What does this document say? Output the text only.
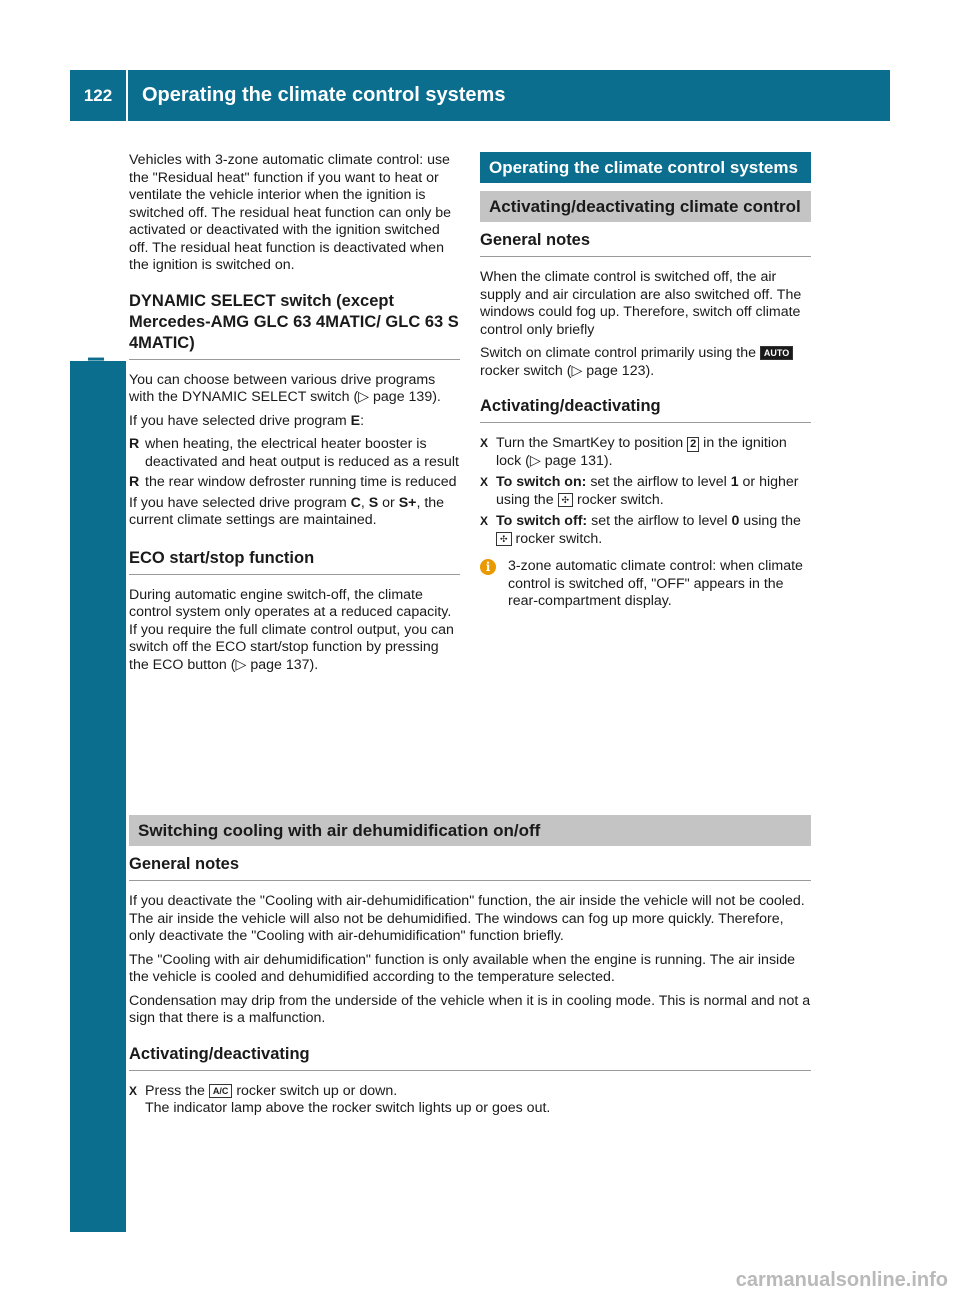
122	Operating the climate control systems
Climate control

Vehicles with 3-zone automatic climate control: use the "Residual heat" function if you want to heat or ventilate the vehicle interior when the ignition is switched off. The residual heat function can only be activated or deactivated with the ignition switched off. The residual heat function is deactivated when the ignition is switched on.

DYNAMIC SELECT switch (except Mercedes-AMG GLC 63 4MATIC/ GLC 63 S 4MATIC)

You can choose between various drive programs with the DYNAMIC SELECT switch (▷ page 139).

If you have selected drive program E:

R when heating, the electrical heater booster is deactivated and heat output is reduced as a result
R the rear window defroster running time is reduced

If you have selected drive program C, S or S+, the current climate settings are maintained.

ECO start/stop function

During automatic engine switch-off, the climate control system only operates at a reduced capacity. If you require the full climate control output, you can switch off the ECO start/stop function by pressing the ECO button (▷ page 137).

Operating the climate control systems
Activating/deactivating climate control
General notes

When the climate control is switched off, the air supply and air circulation are also switched off. The windows could fog up. Therefore, switch off climate control only briefly

Switch on climate control primarily using the AUTO rocker switch (▷ page 123).

Activating/deactivating
X Turn the SmartKey to position 2 in the ignition lock (▷ page 131).
X To switch on: set the airflow to level 1 or higher using the ✣ rocker switch.
X To switch off: set the airflow to level 0 using the ✣ rocker switch.
i	3-zone automatic climate control: when climate control is switched off, "OFF" appears in the rear-compartment display.
Switching cooling with air dehumidification on/off
General notes

If you deactivate the "Cooling with air-dehumidification" function, the air inside the vehicle will not be cooled. The air inside the vehicle will also not be dehumidified. The windows can fog up more quickly. Therefore, only deactivate the "Cooling with air-dehumidification" function briefly.

The "Cooling with air dehumidification" function is only available when the engine is running. The air inside the vehicle is cooled and dehumidified according to the temperature selected.

Condensation may drip from the underside of the vehicle when it is in cooling mode. This is normal and not a sign that there is a malfunction.

Activating/deactivating
X Press the A/C rocker switch up or down.
The indicator lamp above the rocker switch lights up or goes out.
carmanualsonline.info
